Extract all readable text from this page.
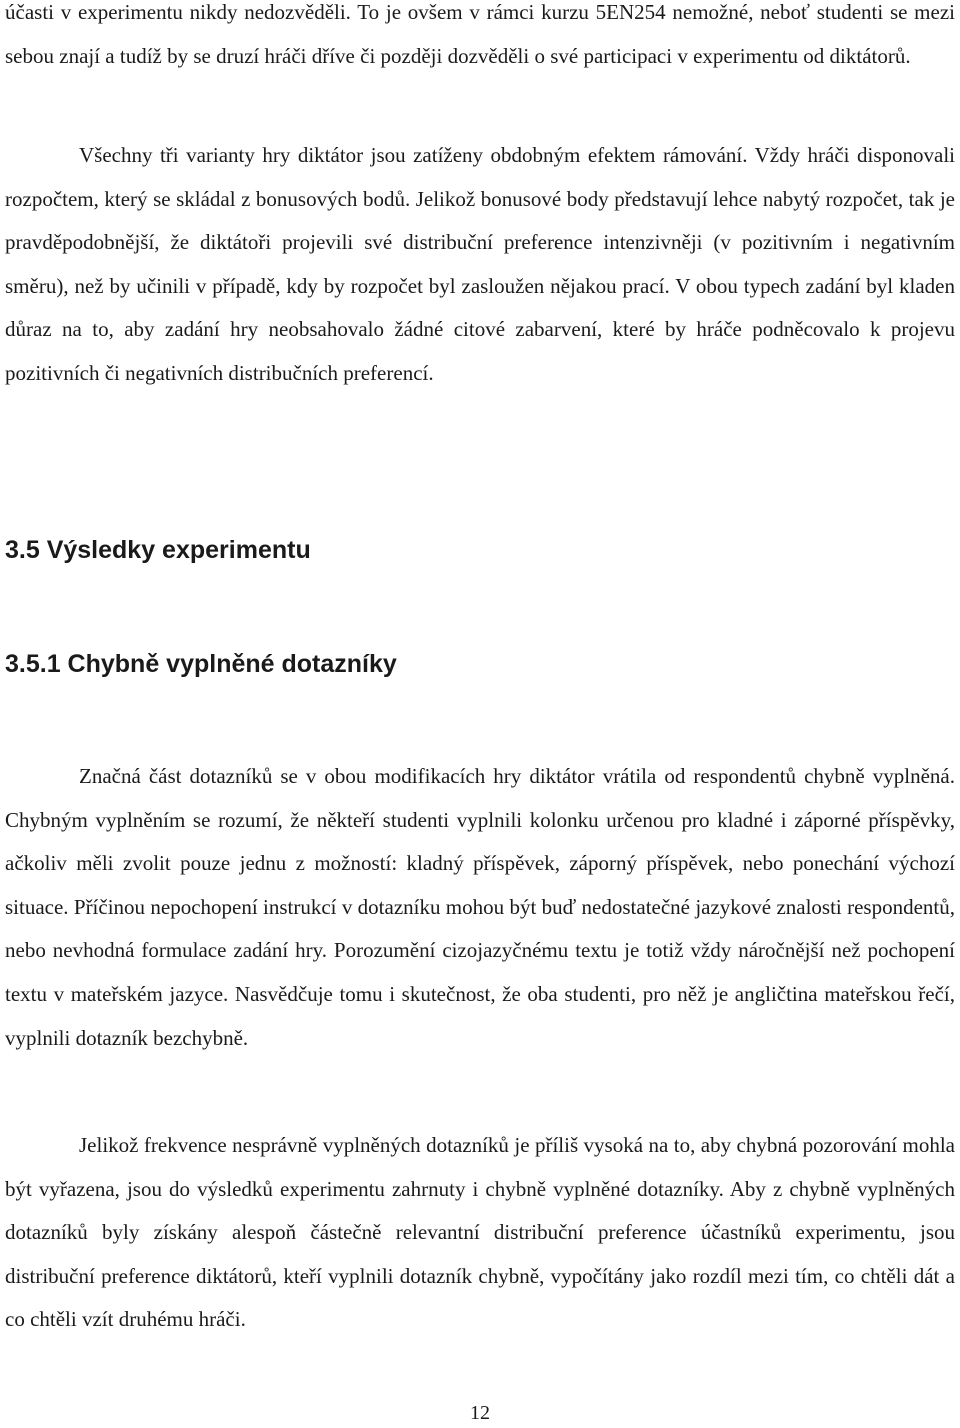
účasti v experimentu nikdy nedozvěděli. To je ovšem v rámci kurzu 5EN254 nemožné, neboť studenti se mezi sebou znají a tudíž by se druzí hráči dříve či později dozvěděli o své participaci v experimentu od diktátorů.

Všechny tři varianty hry diktátor jsou zatíženy obdobným efektem rámování. Vždy hráči disponovali rozpočtem, který se skládal z bonusových bodů. Jelikož bonusové body představují lehce nabytý rozpočet, tak je pravděpodobnější, že diktátoři projevili své distribuční preference intenzivněji (v pozitivním i negativním směru), než by učinili v případě, kdy by rozpočet byl zasloužen nějakou prací. V obou typech zadání byl kladen důraz na to, aby zadání hry neobsahovalo žádné citové zabarvení, které by hráče podněcovalo k projevu pozitivních či negativních distribučních preferencí.

3.5 Výsledky experimentu
3.5.1 Chybně vyplněné dotazníky

Značná část dotazníků se v obou modifikacích hry diktátor vrátila od respondentů chybně vyplněná. Chybným vyplněním se rozumí, že někteří studenti vyplnili kolonku určenou pro kladné i záporné příspěvky, ačkoliv měli zvolit pouze jednu z možností: kladný příspěvek, záporný příspěvek, nebo ponechání výchozí situace. Příčinou nepochopení instrukcí v dotazníku mohou být buď nedostatečné jazykové znalosti respondentů, nebo nevhodná formulace zadání hry. Porozumění cizojazyčnému textu je totiž vždy náročnější než pochopení textu v mateřském jazyce. Nasvědčuje tomu i skutečnost, že oba studenti, pro něž je angličtina mateřskou řečí, vyplnili dotazník bezchybně.

Jelikož frekvence nesprávně vyplněných dotazníků je příliš vysoká na to, aby chybná pozorování mohla být vyřazena, jsou do výsledků experimentu zahrnuty i chybně vyplněné dotazníky. Aby z chybně vyplněných dotazníků byly získány alespoň částečně relevantní distribuční preference účastníků experimentu, jsou distribuční preference diktátorů, kteří vyplnili dotazník chybně, vypočítány jako rozdíl mezi tím, co chtěli dát a co chtěli vzít druhému hráči.

12
